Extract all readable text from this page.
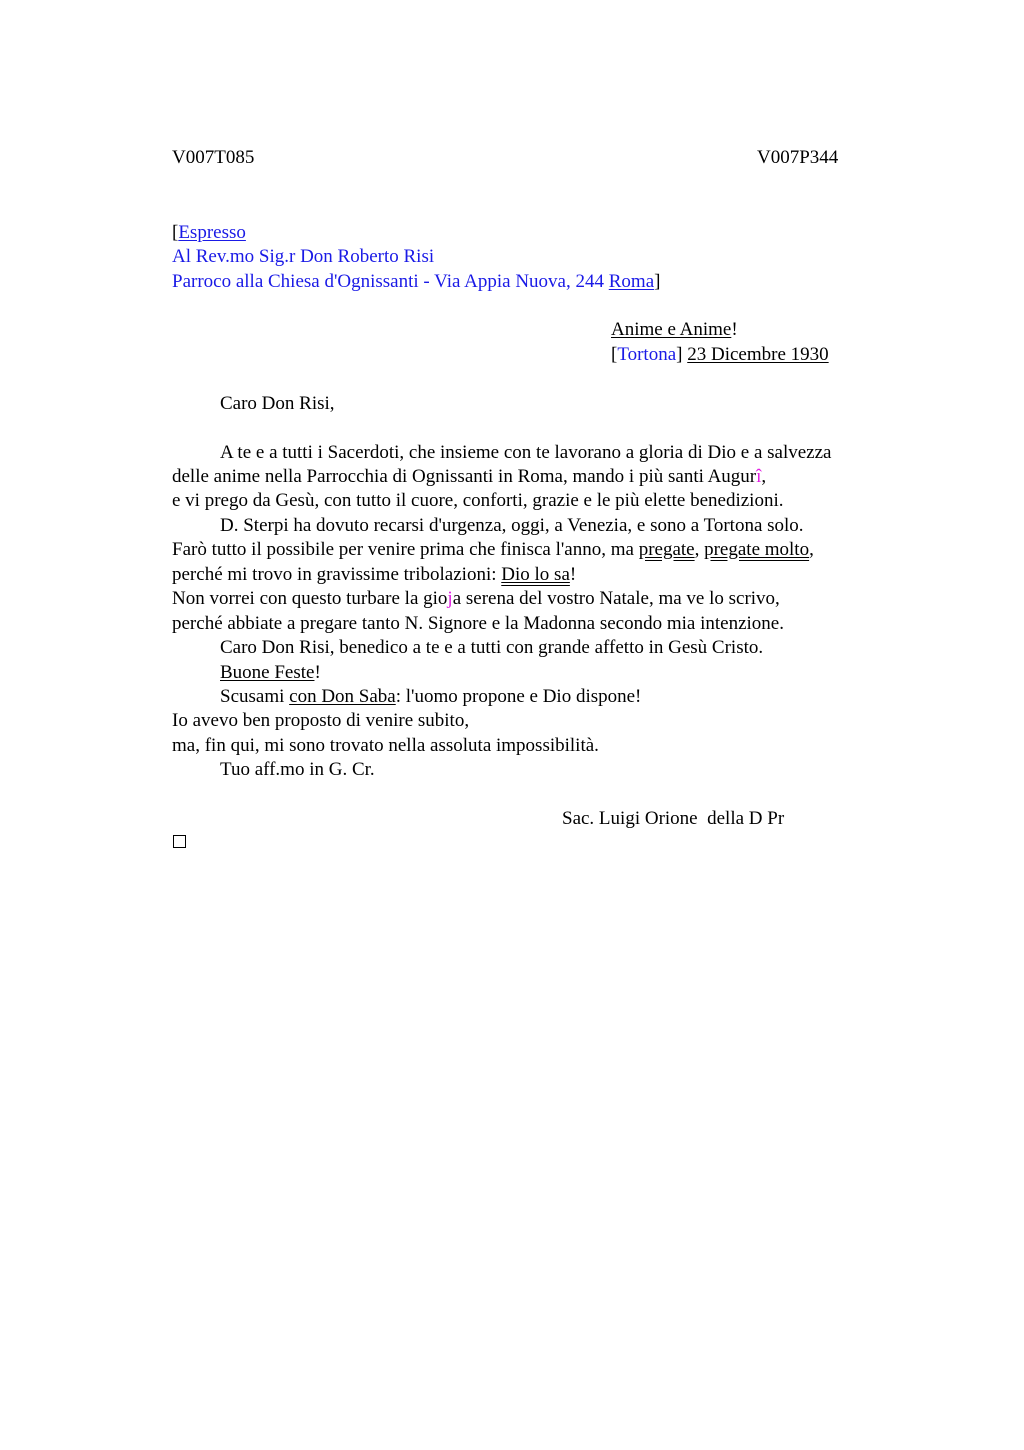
V007T085	V007P344
[Espresso
Al Rev.mo Sig.r Don Roberto Risi
Parroco alla Chiesa d'Ognissanti - Via Appia Nuova, 244 Roma]
Anime e Anime!
[Tortona] 23 Dicembre 1930
Caro Don Risi,
A te e a tutti i Sacerdoti, che insieme con te lavorano a gloria di Dio e a salvezza
delle anime nella Parrocchia di Ognissanti in Roma, mando i più santi Augurî,
e vi prego da Gesù, con tutto il cuore, conforti, grazie e le più elette benedizioni.
D. Sterpi ha dovuto recarsi d'urgenza, oggi, a Venezia, e sono a Tortona solo.
Farò tutto il possibile per venire prima che finisca l'anno, ma pregate, pregate molto,
perché mi trovo in gravissime tribolazioni: Dio lo sa!
Non vorrei con questo turbare la gioja serena del vostro Natale, ma ve lo scrivo,
perché abbiate a pregare tanto N. Signore e la Madonna secondo mia intenzione.
Caro Don Risi, benedico a te e a tutti con grande affetto in Gesù Cristo.
Buone Feste!
Scusami con Don Saba: l'uomo propone e Dio dispone!
Io avevo ben proposto di venire subito,
ma, fin qui, mi sono trovato nella assoluta impossibilità.
Tuo aff.mo in G. Cr.
Sac. Luigi Orione  della D Pr
